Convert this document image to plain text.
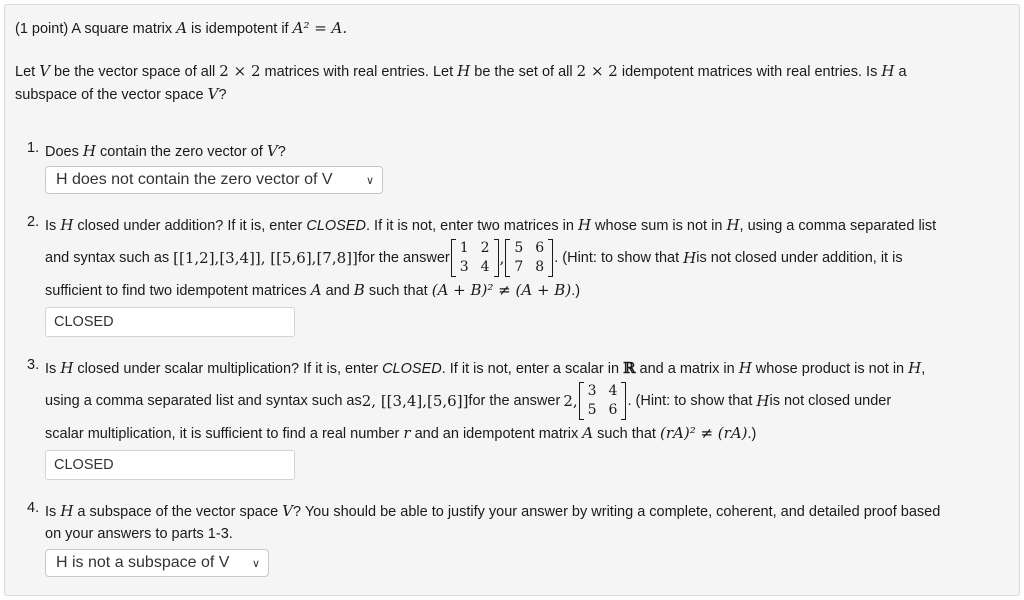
(1 point) A square matrix A is idempotent if A² = A.

Let V be the vector space of all 2 × 2 matrices with real entries. Let H be the set of all 2 × 2 idempotent matrices with real entries. Is H a

subspace of the vector space V?

1. Does H contain the zero vector of V?

H does not contain the zero vector of V	∨
2. Is H closed under addition? If it is, enter CLOSED. If it is not, enter two matrices in H whose sum is not in H, using a comma separated list

and syntax such as [[1,2],[3,4]], [[5,6],[7,8]] for the answer
1 2
3 4 ,
5 6
7 8
. (Hint: to show that H is not closed under addition, it is

sufficient to find two idempotent matrices A and B such that (A + B)² ≠ (A + B).)

CLOSED
3. Is H closed under scalar multiplication? If it is, enter CLOSED. If it is not, enter a scalar in ℝ and a matrix in H whose product is not in H,

using a comma separated list and syntax such as 2, [[3,4],[5,6]] for the answer 2,
3 4
5 6
. (Hint: to show that H is not closed under

scalar multiplication, it is sufficient to find a real number r and an idempotent matrix A such that (rA)² ≠ (rA).)

CLOSED
4. Is H a subspace of the vector space V? You should be able to justify your answer by writing a complete, coherent, and detailed proof based

on your answers to parts 1-3.

H is not a subspace of V ∨
